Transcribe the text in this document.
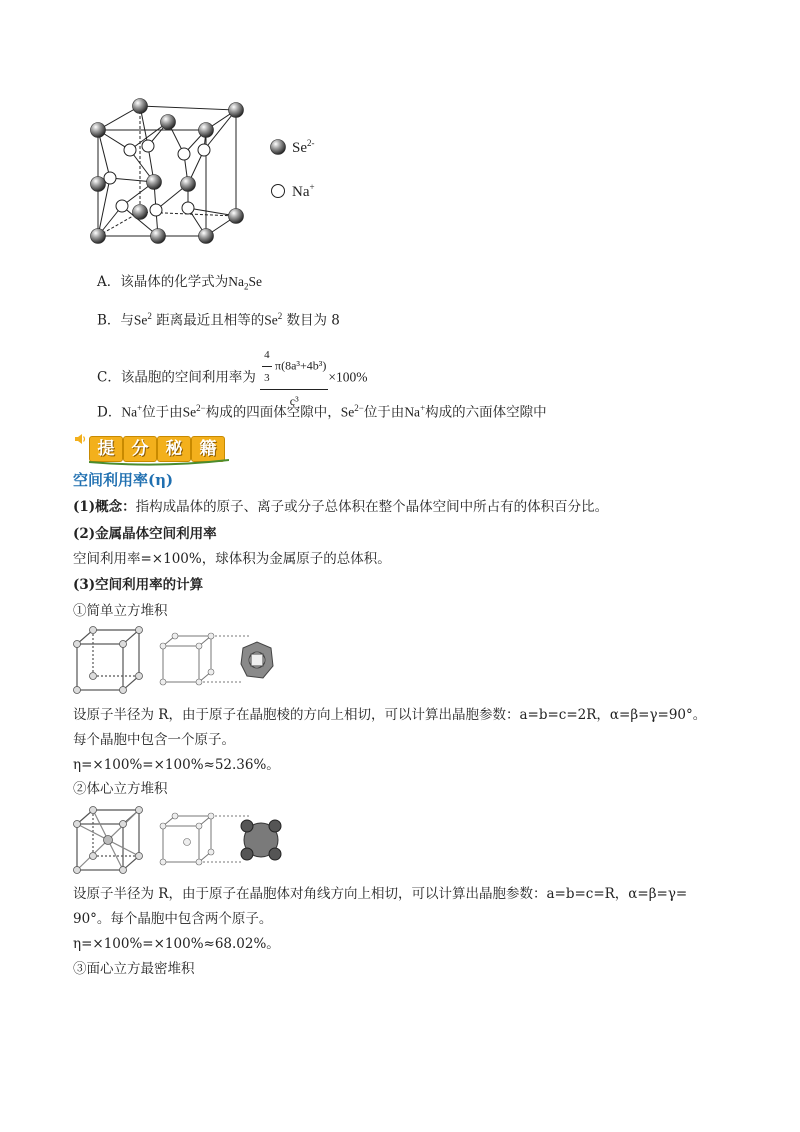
$Se^{2-}$
Na+
A．该晶体的化学式为$Na_2Se$
B．与Se$^2$ 距离最近且相等的Se$^2$ 数目为 8
C．该晶胞的空间利用率为 $\frac{\frac{4}{3} \pi(8a^3+4b^3)}{\text{c³}} \times 100\%$
D．Na+位于由$Se^{2-}$构成的四面体空隙中，$Se^{2-}$位于由Na+构成的六面体空隙中
提	分	秘	籍
空间利用率(η)
(1)概念：指构成晶体的原子、离子或分子总体积在整个晶体空间中所占有的体积百分比。
(2)金属晶体空间利用率
空间利用率=×100%，球体积为金属原子的总体积。
(3)空间利用率的计算
①简单立方堆积
设原子半径为 R，由于原子在晶胞棱的方向上相切，可以计算出晶胞参数：a=b=c=2R，α=β=γ=90°。
每个晶胞中包含一个原子。
η=×100%=×100%≈52.36%。
②体心立方堆积
设原子半径为 R，由于原子在晶胞体对角线方向上相切，可以计算出晶胞参数：a=b=c=R，α=β=γ=
90°。每个晶胞中包含两个原子。
η=×100%=×100%≈68.02%。
③面心立方最密堆积
